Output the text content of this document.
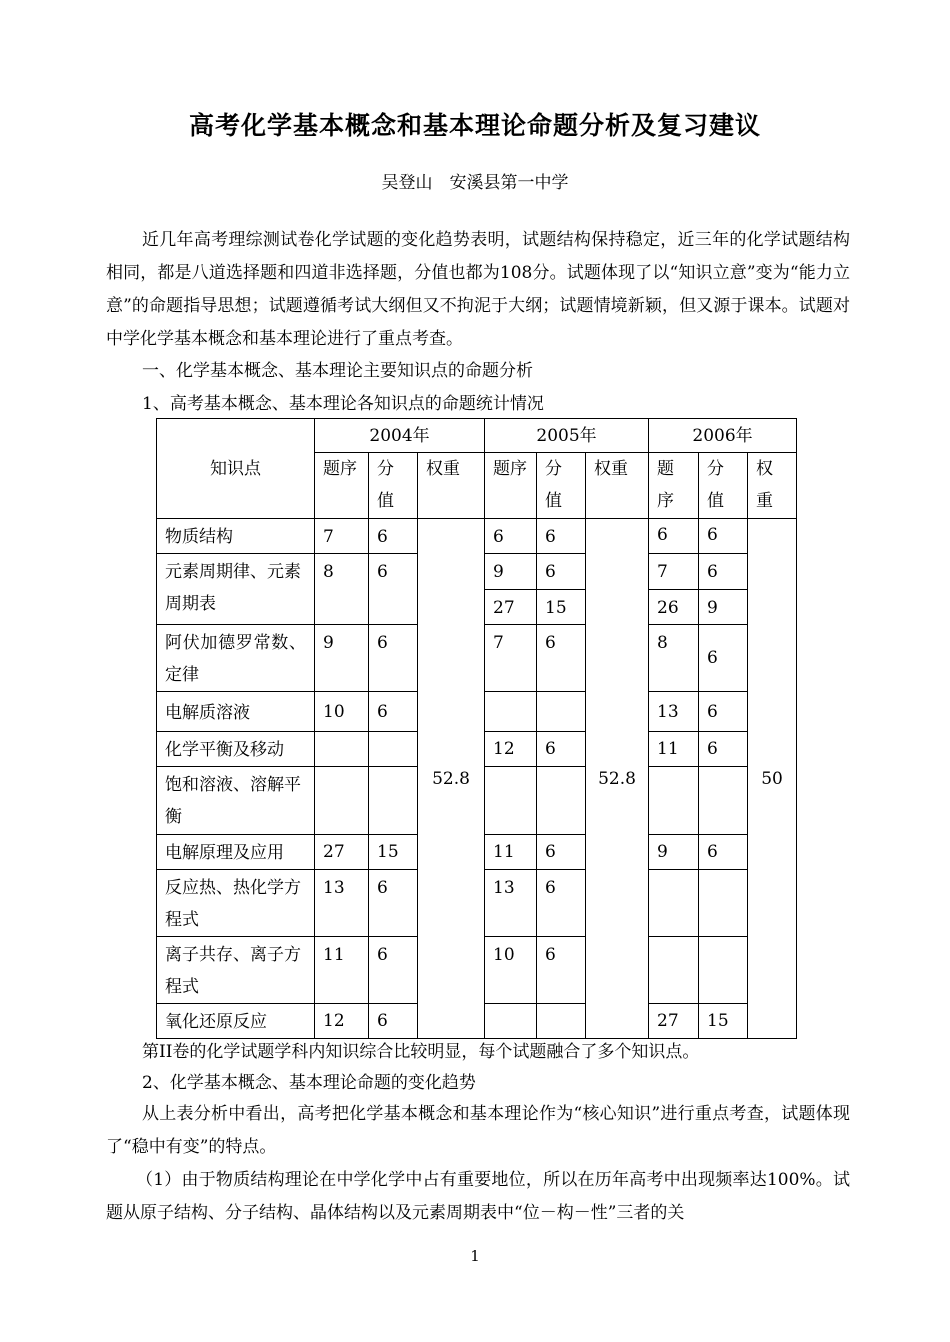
高考化学基本概念和基本理论命题分析及复习建议
吴登山　安溪县第一中学
近几年高考理综测试卷化学试题的变化趋势表明，试题结构保持稳定，近三年的化学试题结构相同，都是八道选择题和四道非选择题，分值也都为108分。试题体现了以“知识立意”变为“能力立意”的命题指导思想；试题遵循考试大纲但又不拘泥于大纲；试题情境新颖，但又源于课本。试题对中学化学基本概念和基本理论进行了重点考查。
一、化学基本概念、基本理论主要知识点的命题分析
1、高考基本概念、基本理论各知识点的命题统计情况
知识点	2004年			2005年			2006年		
	题序	分值	权重	题序	分值	权重	题序	分值	权重
物质结构	7	6	52.8	6	6	52.8	6	6	50
元素周期律、元素周期表	8	6		9	6		7	6	
				27	15		26	9	
阿伏加德罗常数、定律	9	6		7	6		8	6	
电解质溶液	10	6					13	6	
化学平衡及移动				12	6		11	6	
饱和溶液、溶解平衡									
电解原理及应用	27	15		11	6		9	6	
反应热、热化学方程式	13	6		13	6				
离子共存、离子方程式	11	6		10	6				
氧化还原反应	12	6					27	15	
第II卷的化学试题学科内知识综合比较明显，每个试题融合了多个知识点。
2、化学基本概念、基本理论命题的变化趋势
从上表分析中看出，高考把化学基本概念和基本理论作为“核心知识”进行重点考查，试题体现了“稳中有变”的特点。
（1）由于物质结构理论在中学化学中占有重要地位，所以在历年高考中出现频率达100%。试题从原子结构、分子结构、晶体结构以及元素周期表中“位－构－性”三者的关
1
